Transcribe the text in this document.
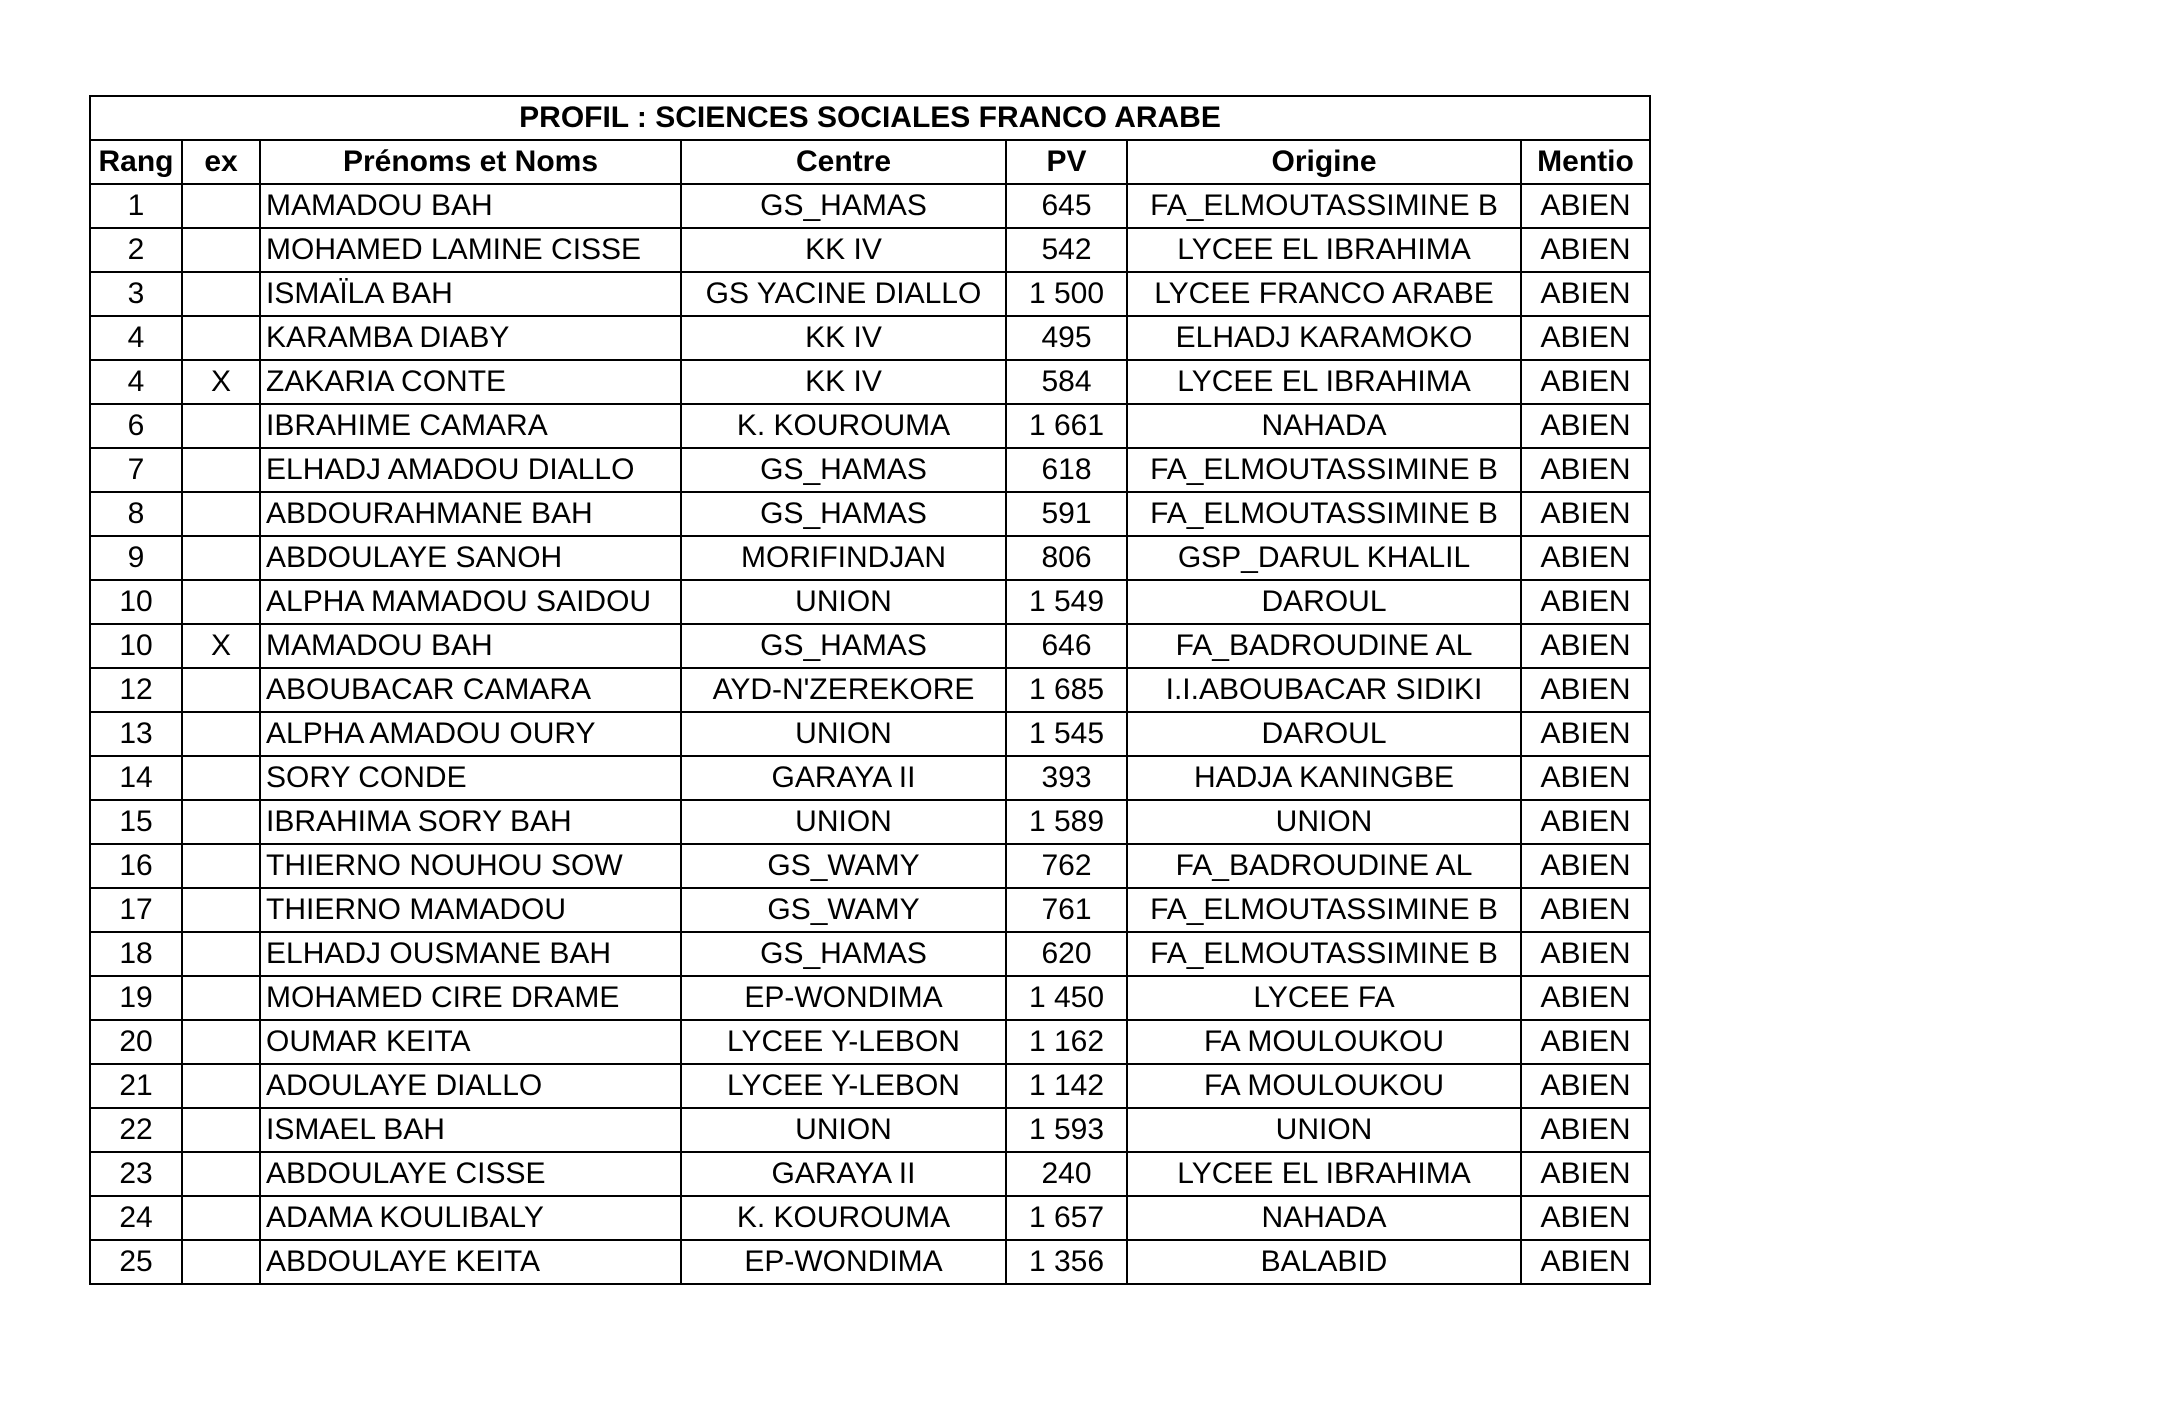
PROFIL : SCIENCES SOCIALES FRANCO ARABE						
Rang	ex	Prénoms et Noms	Centre	PV	Origine	Mentio
1		MAMADOU BAH	GS_HAMAS	645	FA_ELMOUTASSIMINE B	ABIEN
2		MOHAMED LAMINE CISSE	KK IV	542	LYCEE EL IBRAHIMA	ABIEN
3		ISMAÏLA BAH	GS YACINE DIALLO	1 500	LYCEE FRANCO ARABE	ABIEN
4		KARAMBA DIABY	KK IV	495	ELHADJ KARAMOKO	ABIEN
4	X	ZAKARIA CONTE	KK IV	584	LYCEE EL IBRAHIMA	ABIEN
6		IBRAHIME CAMARA	K. KOUROUMA	1 661	NAHADA	ABIEN
7		ELHADJ AMADOU DIALLO	GS_HAMAS	618	FA_ELMOUTASSIMINE B	ABIEN
8		ABDOURAHMANE BAH	GS_HAMAS	591	FA_ELMOUTASSIMINE B	ABIEN
9		ABDOULAYE SANOH	MORIFINDJAN	806	GSP_DARUL KHALIL	ABIEN
10		ALPHA MAMADOU SAIDOU	UNION	1 549	DAROUL	ABIEN
10	X	MAMADOU BAH	GS_HAMAS	646	FA_BADROUDINE AL	ABIEN
12		ABOUBACAR CAMARA	AYD-N'ZEREKORE	1 685	I.I.ABOUBACAR SIDIKI	ABIEN
13		ALPHA AMADOU OURY	UNION	1 545	DAROUL	ABIEN
14		SORY CONDE	GARAYA II	393	HADJA KANINGBE	ABIEN
15		IBRAHIMA SORY BAH	UNION	1 589	UNION	ABIEN
16		THIERNO NOUHOU SOW	GS_WAMY	762	FA_BADROUDINE AL	ABIEN
17		THIERNO MAMADOU	GS_WAMY	761	FA_ELMOUTASSIMINE B	ABIEN
18		ELHADJ OUSMANE BAH	GS_HAMAS	620	FA_ELMOUTASSIMINE B	ABIEN
19		MOHAMED CIRE DRAME	EP-WONDIMA	1 450	LYCEE FA	ABIEN
20		OUMAR KEITA	LYCEE Y-LEBON	1 162	FA MOULOUKOU	ABIEN
21		ADOULAYE DIALLO	LYCEE Y-LEBON	1 142	FA MOULOUKOU	ABIEN
22		ISMAEL BAH	UNION	1 593	UNION	ABIEN
23		ABDOULAYE CISSE	GARAYA II	240	LYCEE EL IBRAHIMA	ABIEN
24		ADAMA KOULIBALY	K. KOUROUMA	1 657	NAHADA	ABIEN
25		ABDOULAYE KEITA	EP-WONDIMA	1 356	BALABID	ABIEN
